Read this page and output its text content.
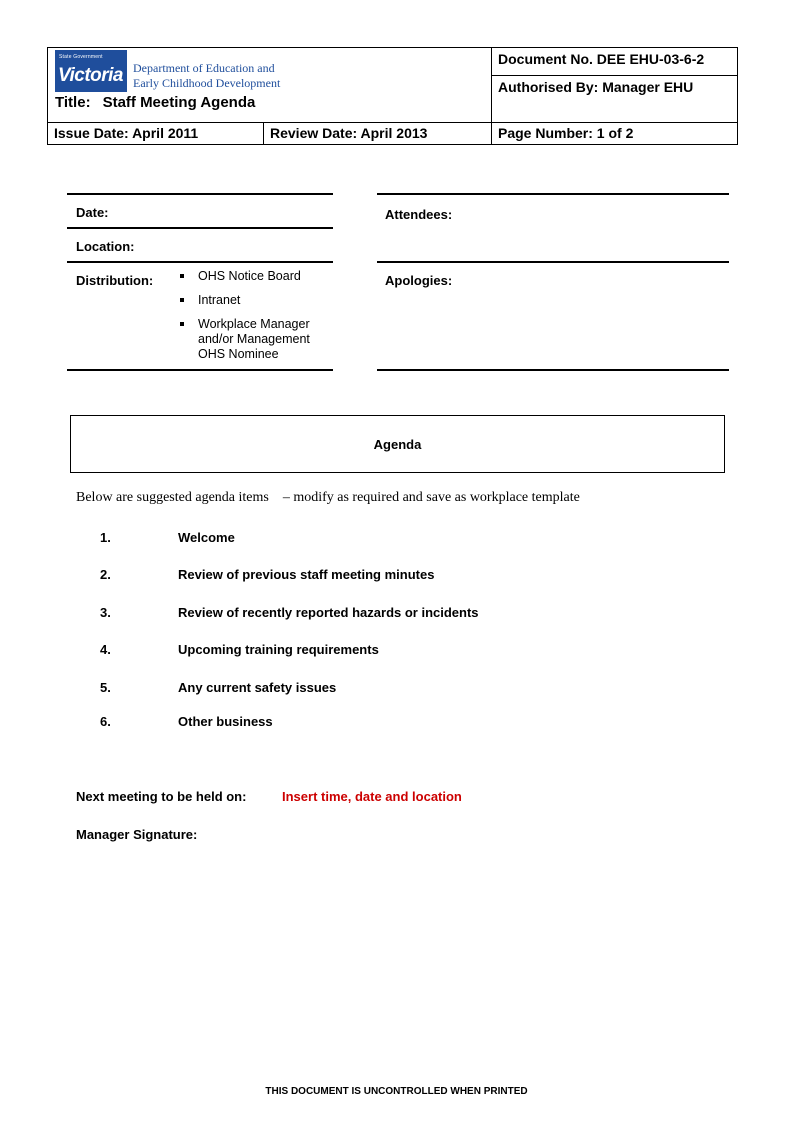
State Government
Victoria Department of Education and
Early Childhood Development
Title: Staff Meeting Agenda
Document No. DEE EHU-03-6-2
Authorised By: Manager EHU
Issue Date: April 2011	Review Date: April 2013	Page Number: 1 of 2
Date:
Location:
Distribution:	OHS Notice Board
Intranet
Workplace Manager and/or Management OHS Nominee
Attendees:
Apologies:
Agenda
Below are suggested agenda items – modify as required and save as workplace template
1.	Welcome
2.	Review of previous staff meeting minutes
3.	Review of recently reported hazards or incidents
4.	Upcoming training requirements
5.	Any current safety issues
6.	Other business
Next meeting to be held on:	Insert time, date and location
Manager Signature:
THIS DOCUMENT IS UNCONTROLLED WHEN PRINTED
